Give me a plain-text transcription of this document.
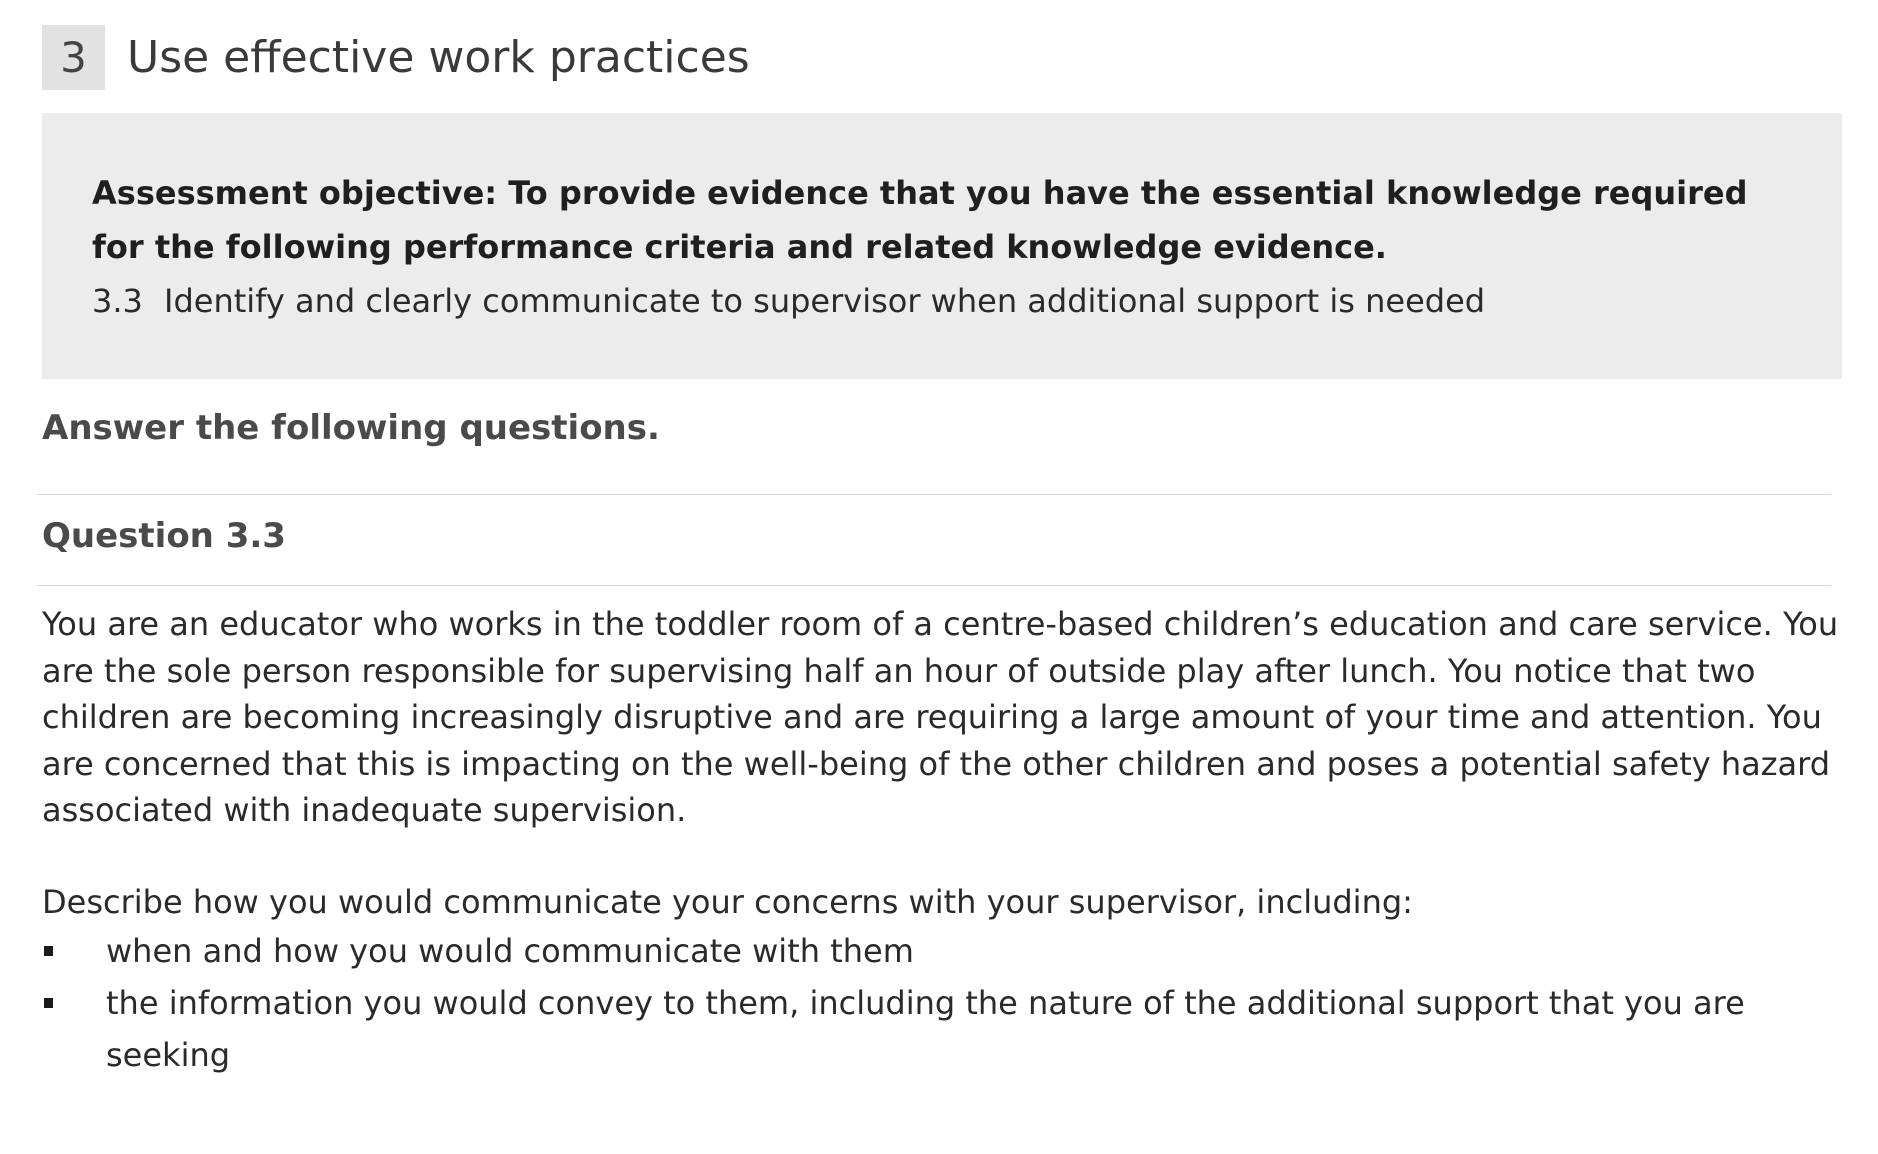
3 Use effective work practices
Assessment objective: To provide evidence that you have the essential knowledge required for the following performance criteria and related knowledge evidence.
3.3 Identify and clearly communicate to supervisor when additional support is needed
Answer the following questions.
Question 3.3
You are an educator who works in the toddler room of a centre-based children’s education and care service. You are the sole person responsible for supervising half an hour of outside play after lunch. You notice that two children are becoming increasingly disruptive and are requiring a large amount of your time and attention. You are concerned that this is impacting on the well-being of the other children and poses a potential safety hazard associated with inadequate supervision.
Describe how you would communicate your concerns with your supervisor, including:
when and how you would communicate with them
the information you would convey to them, including the nature of the additional support that you are seeking
